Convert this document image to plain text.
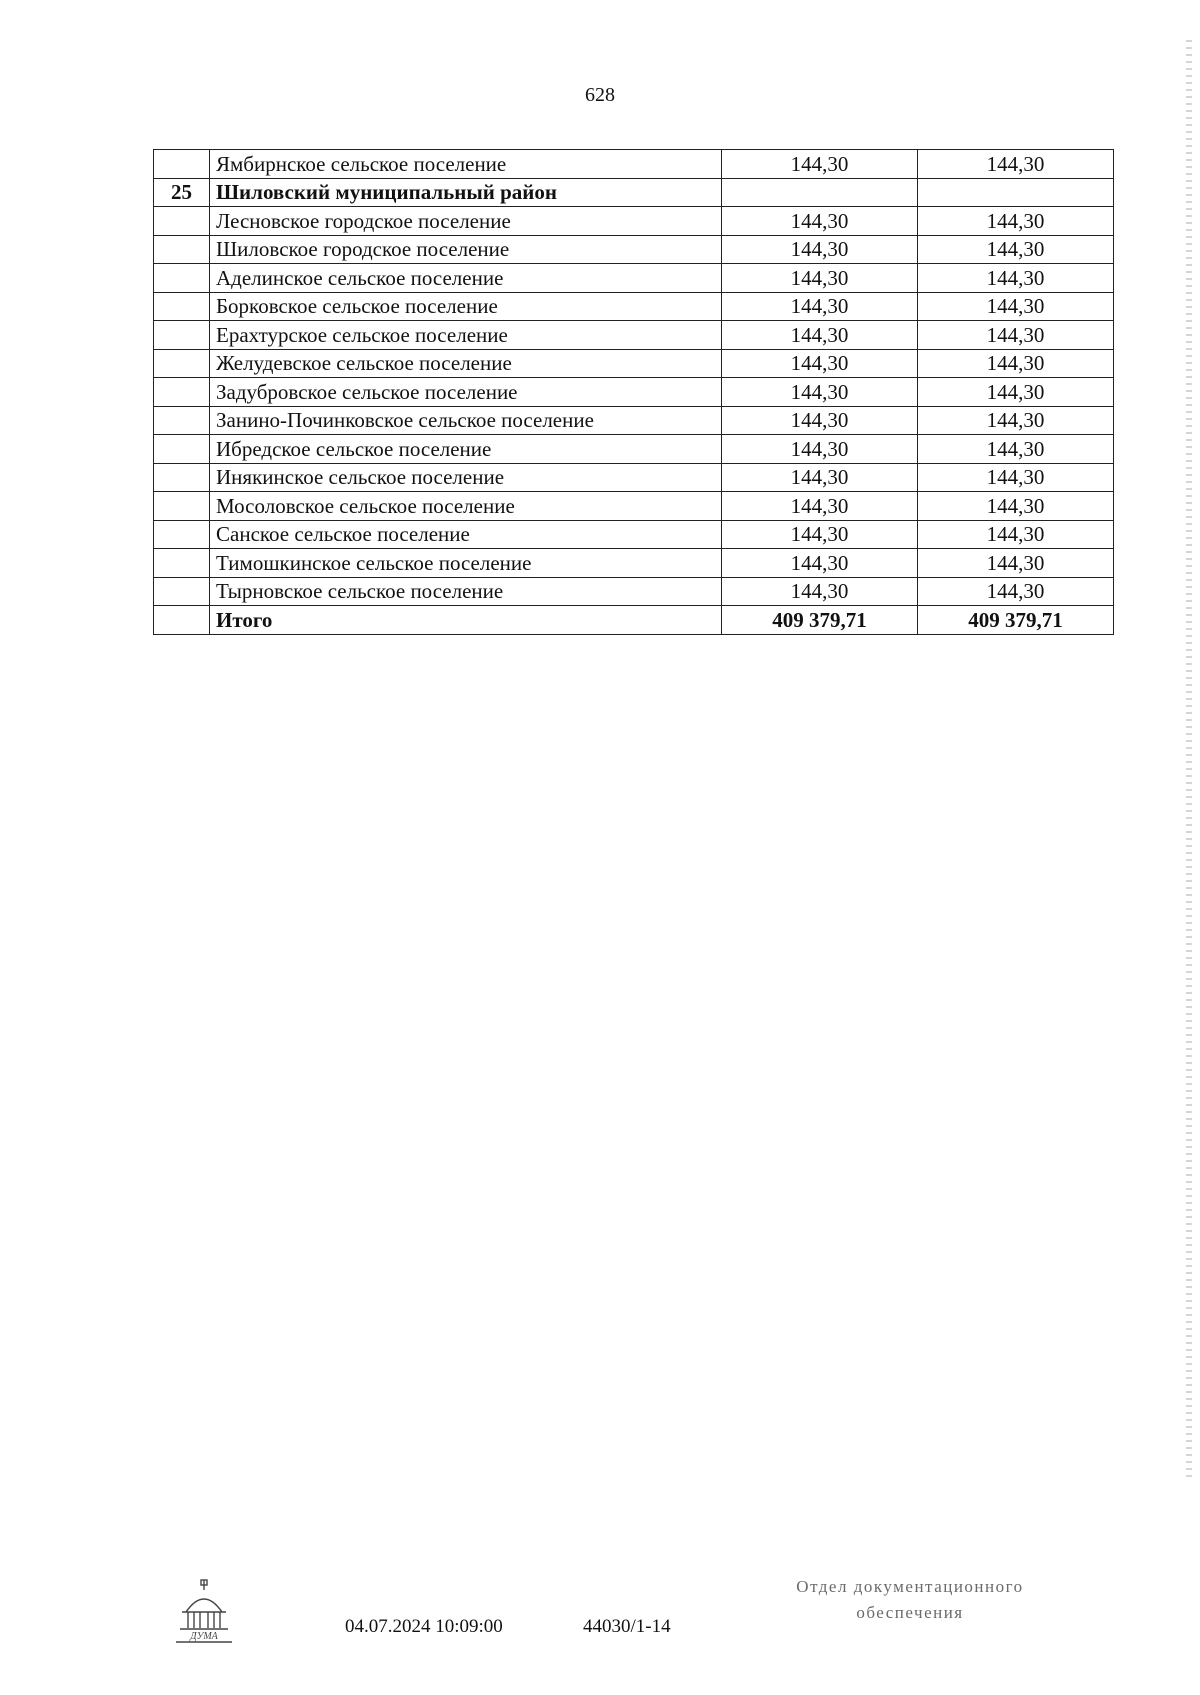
628
	Ямбирнское сельское поселение	144,30	144,30
25	Шиловский муниципальный район		
	Лесновское городское поселение	144,30	144,30
	Шиловское городское поселение	144,30	144,30
	Аделинское сельское поселение	144,30	144,30
	Борковское сельское поселение	144,30	144,30
	Ерахтурское сельское поселение	144,30	144,30
	Желудевское сельское поселение	144,30	144,30
	Задубровское сельское поселение	144,30	144,30
	Занино-Починковское сельское поселение	144,30	144,30
	Ибредское сельское поселение	144,30	144,30
	Инякинское сельское поселение	144,30	144,30
	Мосоловское сельское поселение	144,30	144,30
	Санское сельское поселение	144,30	144,30
	Тимошкинское сельское поселение	144,30	144,30
	Тырновское сельское поселение	144,30	144,30
	Итого	409 379,71	409 379,71
ДУМА	04.07.2024 10:09:00	44030/1-14
Отдел документационного
обеспечения
